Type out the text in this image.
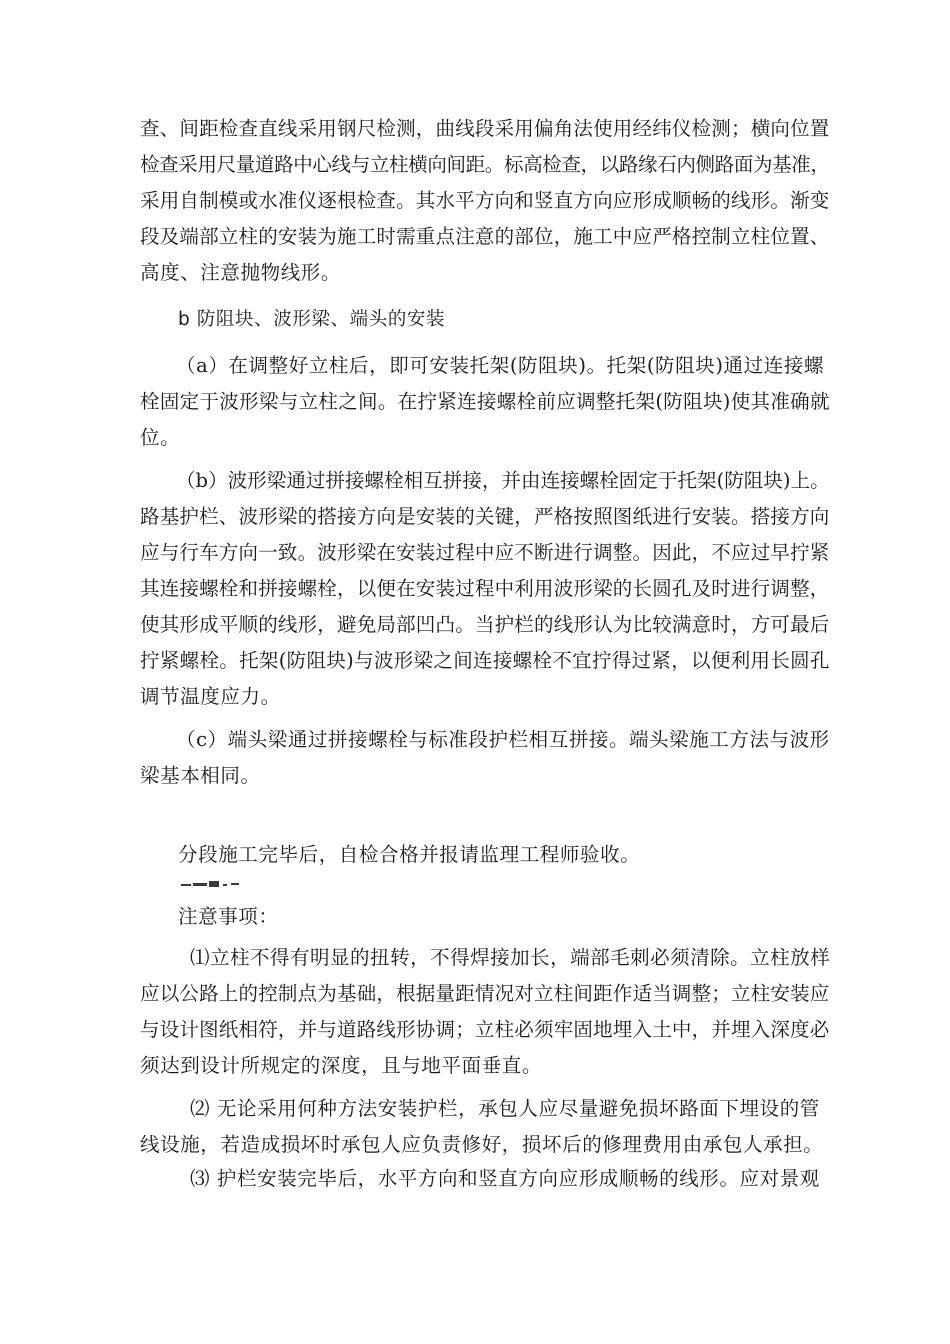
查、间距检查直线采用钢尺检测，曲线段采用偏角法使用经纬仪检测；横向位置
检查采用尺量道路中心线与立柱横向间距。标高检查，以路缘石内侧路面为基准，
采用自制模或水准仪逐根检查。其水平方向和竖直方向应形成顺畅的线形。渐变
段及端部立柱的安装为施工时需重点注意的部位，施工中应严格控制立柱位置、
高度、注意抛物线形。
b 防阻块、波形梁、端头的安装
（a）在调整好立柱后，即可安装托架(防阻块)。托架(防阻块)通过连接螺
栓固定于波形梁与立柱之间。在拧紧连接螺栓前应调整托架(防阻块)使其准确就
位。
（b）波形梁通过拼接螺栓相互拼接，并由连接螺栓固定于托架(防阻块)上。
路基护栏、波形梁的搭接方向是安装的关键，严格按照图纸进行安装。搭接方向
应与行车方向一致。波形梁在安装过程中应不断进行调整。因此，不应过早拧紧
其连接螺栓和拼接螺栓，以便在安装过程中利用波形梁的长圆孔及时进行调整，
使其形成平顺的线形，避免局部凹凸。当护栏的线形认为比较满意时，方可最后
拧紧螺栓。托架(防阻块)与波形梁之间连接螺栓不宜拧得过紧，以便利用长圆孔
调节温度应力。
（c）端头梁通过拼接螺栓与标准段护栏相互拼接。端头梁施工方法与波形
梁基本相同。
分段施工完毕后，自检合格并报请监理工程师验收。
注意事项：
⑴立柱不得有明显的扭转，不得焊接加长，端部毛刺必须清除。立柱放样
应以公路上的控制点为基础，根据量距情况对立柱间距作适当调整；立柱安装应
与设计图纸相符，并与道路线形协调；立柱必须牢固地埋入土中，并埋入深度必
须达到设计所规定的深度，且与地平面垂直。
⑵ 无论采用何种方法安装护栏，承包人应尽量避免损坏路面下埋设的管
线设施，若造成损坏时承包人应负责修好，损坏后的修理费用由承包人承担。
⑶ 护栏安装完毕后，水平方向和竖直方向应形成顺畅的线形。应对景观
